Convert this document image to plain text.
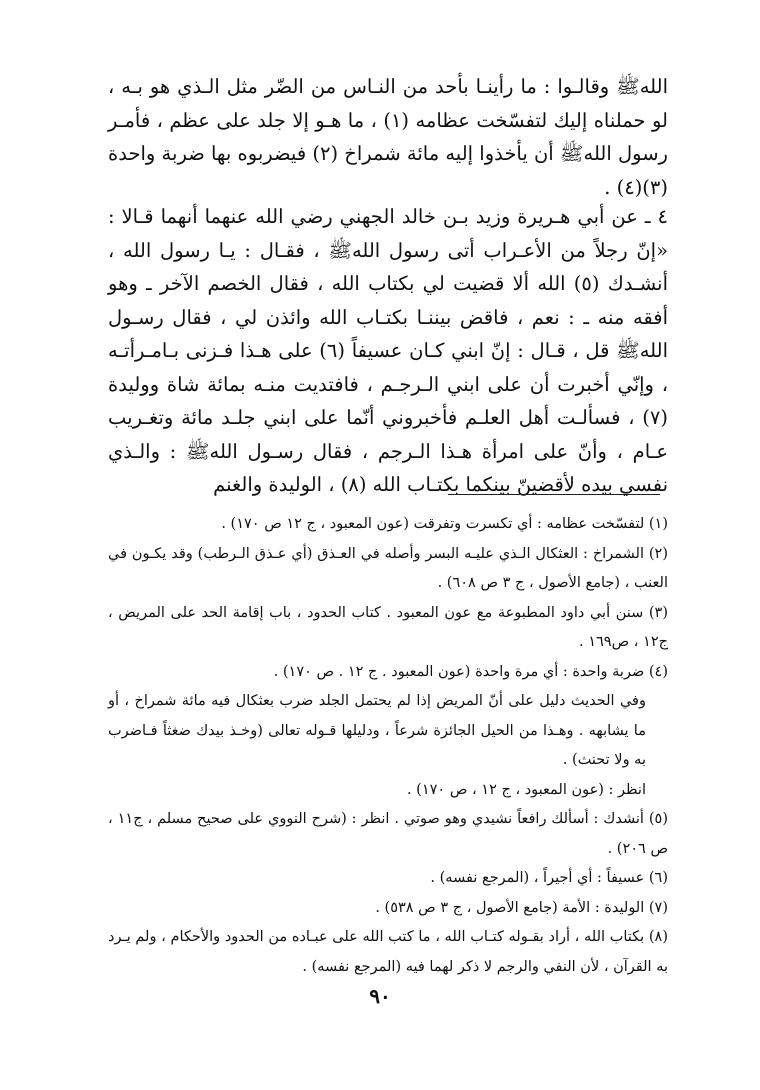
اللهﷺ وقالـوا : ما رأينـا بأحد من النـاس من الضّر مثل الـذي هو بـه ، لو حملناه إليك لتفسّخت عظامه (١) ، ما هـو إلا جلد على عظم ، فأمـر رسول اللهﷺ أن يأخذوا إليه مائة شمراخ (٢) فيضربوه بها ضربة واحدة (٣)(٤) .

٤ ـ عن أبي هـريرة وزيد بـن خالد الجهني رضي الله عنهما أنهما قـالا : «إنّ رجلاً من الأعـراب أتى رسول اللهﷺ ، فقـال : يـا رسول الله ، أنشـدك (٥) الله ألا قضيت لي بكتاب الله ، فقال الخصم الآخر ـ وهو أفقه منه ـ : نعم ، فاقض بيننـا بكتـاب الله وائذن لي ، فقال رسـول اللهﷺ قل ، قـال : إنّ ابني كـان عسيفاً (٦) على هـذا فـزنى بـامـرأتـه ، وإنّي أخبرت أن على ابني الـرجـم ، فافتديت منـه بمائة شاة ووليدة (٧) ، فسألـت أهل العلـم فأخبروني أنّما على ابني جلـد مائة وتغـريب عـام ، وأنّ على امرأة هـذا الـرجم ، فقال رسـول اللهﷺ : والـذي نفسي بيده لأقضينّ بينكما بكتـاب الله (٨) ، الوليدة والغنم

(١) لتفسّخت عظامه : أي تكسرت وتفرقت (عون المعبود ، ج ١٢ ص ١٧٠) .

(٢) الشمراخ : العثكال الـذي عليـه البسر وأصله في العـذق (أي عـذق الـرطب) وقد يكـون في العنب ، (جامع الأصول ، ج ٣ ص ٦٠٨) .

(٣) سنن أبي داود المطبوعة مع عون المعبود . كتاب الحدود ، باب إقامة الحد على المريض ، ج١٢ ، ص١٦٩ .

(٤) ضربة واحدة : أي مرة واحدة (عون المعبود . ج ١٢ . ص ١٧٠) .

وفي الحديث دليل على أنّ المريض إذا لم يحتمل الجلد ضرب بعثكال فيه مائة شمراخ ، أو ما يشابهه . وهـذا من الحيل الجائزة شرعاً ، ودليلها قـوله تعالى (وخـذ بيدك ضغثاً فـاضرب به ولا تحنث) .

انظر : (عون المعبود ، ج ١٢ ، ص ١٧٠) .

(٥) أنشدك : أسألك رافعاً نشيدي وهو صوتي . انظر : (شرح النووي على صحيح مسلم ، ج١١ ، ص ٢٠٦) .

(٦) عسيفاً : أي أجيراً ، (المرجع نفسه) .

(٧) الوليدة : الأمة (جامع الأصول ، ج ٣ ص ٥٣٨) .

(٨) بكتاب الله ، أراد بقـوله كتـاب الله ، ما كتب الله على عبـاده من الحدود والأحكام ، ولم يـرد به القرآن ، لأن النفي والرجم لا ذكر لهما فيه (المرجع نفسه) .

٩٠
